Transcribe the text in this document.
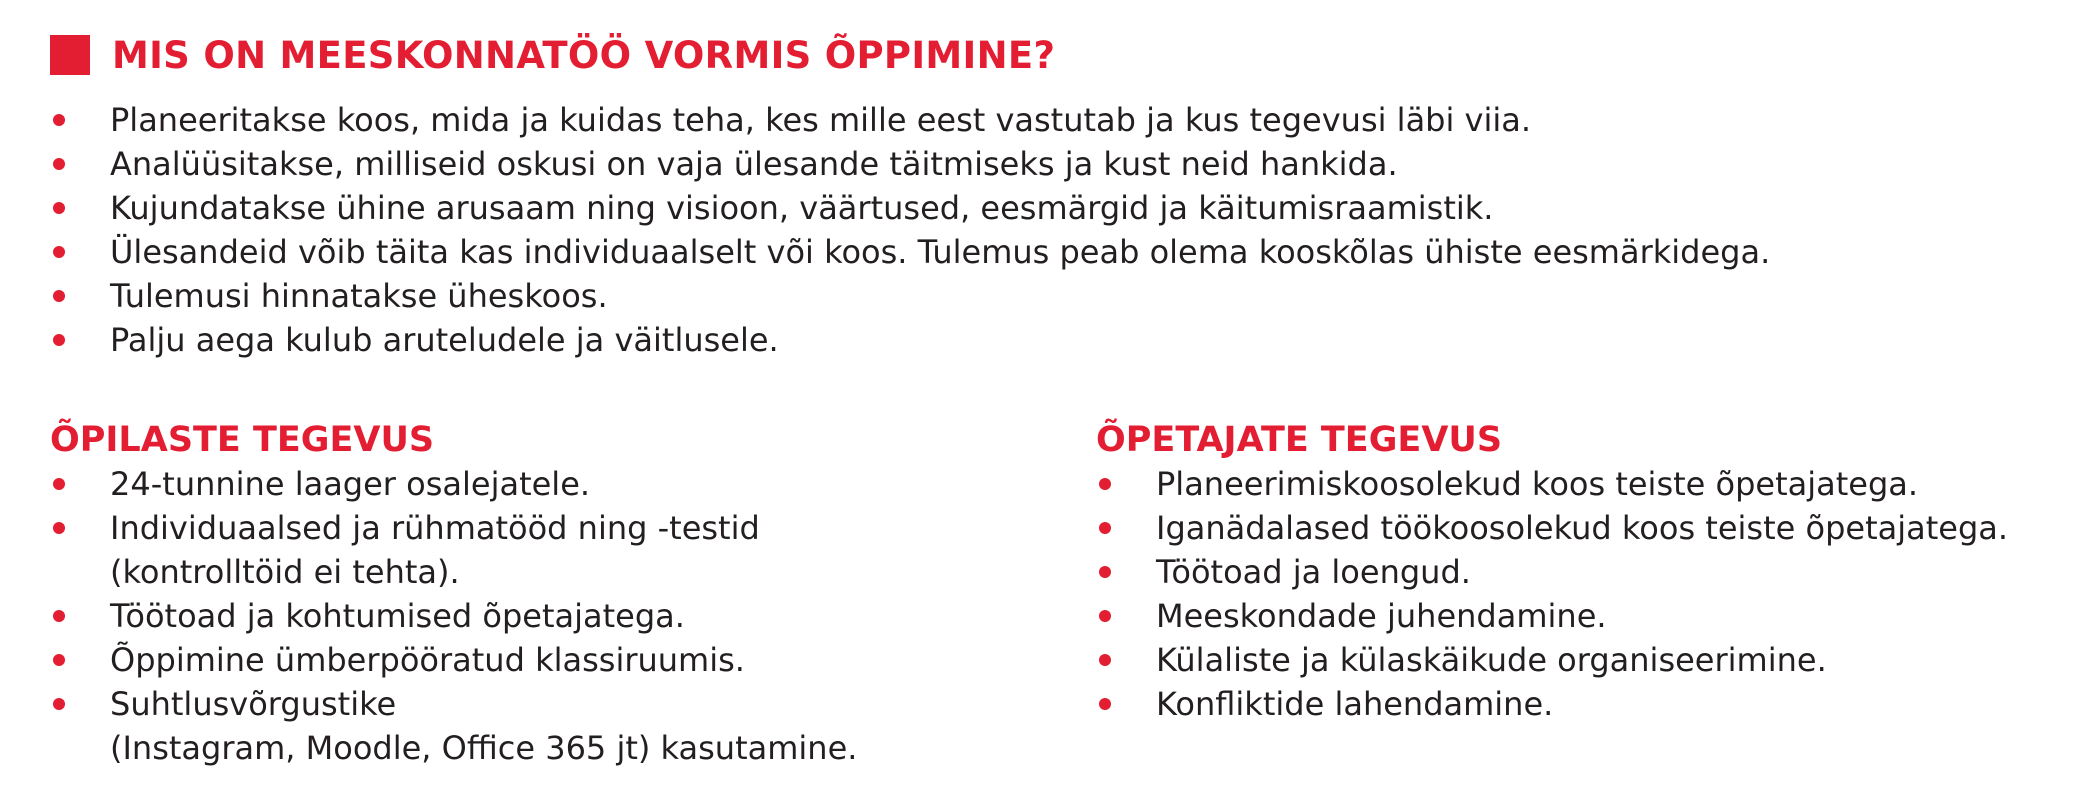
MIS ON MEESKONNATÖÖ VORMIS ÕPPIMINE?
Planeeritakse koos, mida ja kuidas teha, kes mille eest vastutab ja kus tegevusi läbi viia.
Analüüsitakse, milliseid oskusi on vaja ülesande täitmiseks ja kust neid hankida.
Kujundatakse ühine arusaam ning visioon, väärtused, eesmärgid ja käitumisraamistik.
Ülesandeid võib täita kas individuaalselt või koos. Tulemus peab olema kooskõlas ühiste eesmärkidega.
Tulemusi hinnatakse üheskoos.
Palju aega kulub aruteludele ja väitlusele.
ÕPILASTE TEGEVUS
24-tunnine laager osalejatele.
Individuaalsed ja rühmatööd ning -testid
(kontrolltöid ei tehta).
Töötoad ja kohtumised õpetajatega.
Õppimine ümberpööratud klassiruumis.
Suhtlusvõrgustike
(Instagram, Moodle, Office 365 jt) kasutamine.
ÕPETAJATE TEGEVUS
Planeerimiskoosolekud koos teiste õpetajatega.
Iganädalased töökoosolekud koos teiste õpetajatega.
Töötoad ja loengud.
Meeskondade juhendamine.
Külaliste ja külaskäikude organiseerimine.
Konfliktide lahendamine.
